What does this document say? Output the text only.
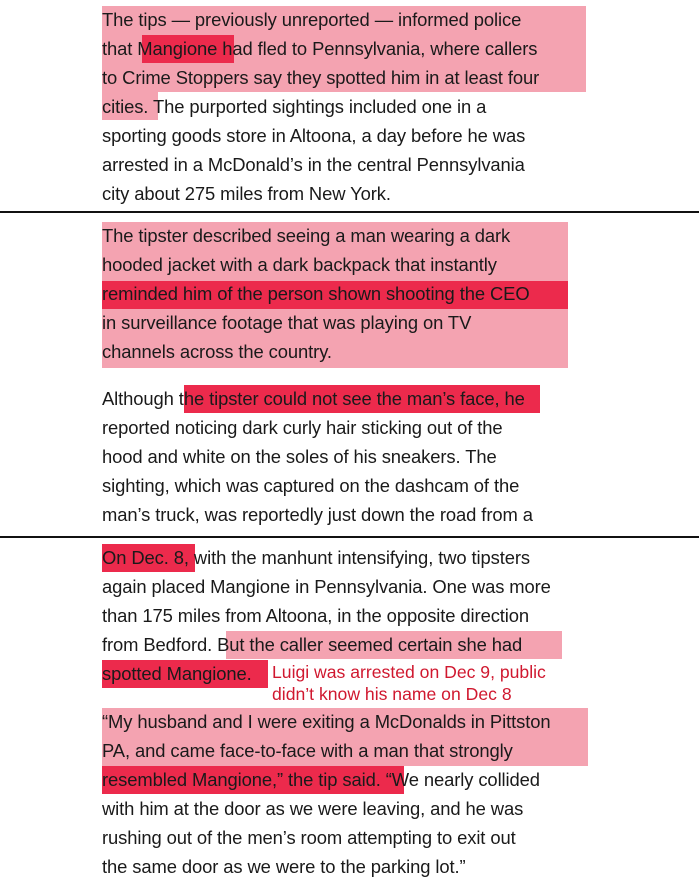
The tips — previously unreported — informed police
that Mangione had fled to Pennsylvania, where callers
to Crime Stoppers say they spotted him in at least four
cities. The purported sightings included one in a
sporting goods store in Altoona, a day before he was
arrested in a McDonald’s in the central Pennsylvania
city about 275 miles from New York.
The tipster described seeing a man wearing a dark
hooded jacket with a dark backpack that instantly
reminded him of the person shown shooting the CEO
in surveillance footage that was playing on TV
channels across the country.
Although the tipster could not see the man’s face, he
reported noticing dark curly hair sticking out of the
hood and white on the soles of his sneakers. The
sighting, which was captured on the dashcam of the
man’s truck, was reportedly just down the road from a
On Dec. 8, with the manhunt intensifying, two tipsters
again placed Mangione in Pennsylvania. One was more
than 175 miles from Altoona, in the opposite direction
from Bedford. But the caller seemed certain she had
spotted Mangione. Luigi was arrested on Dec 9, public
didn’t know his name on Dec 8
“My husband and I were exiting a McDonalds in Pittston
PA, and came face-to-face with a man that strongly
resembled Mangione,” the tip said. “We nearly collided
with him at the door as we were leaving, and he was
rushing out of the men’s room attempting to exit out
the same door as we were to the parking lot.”
